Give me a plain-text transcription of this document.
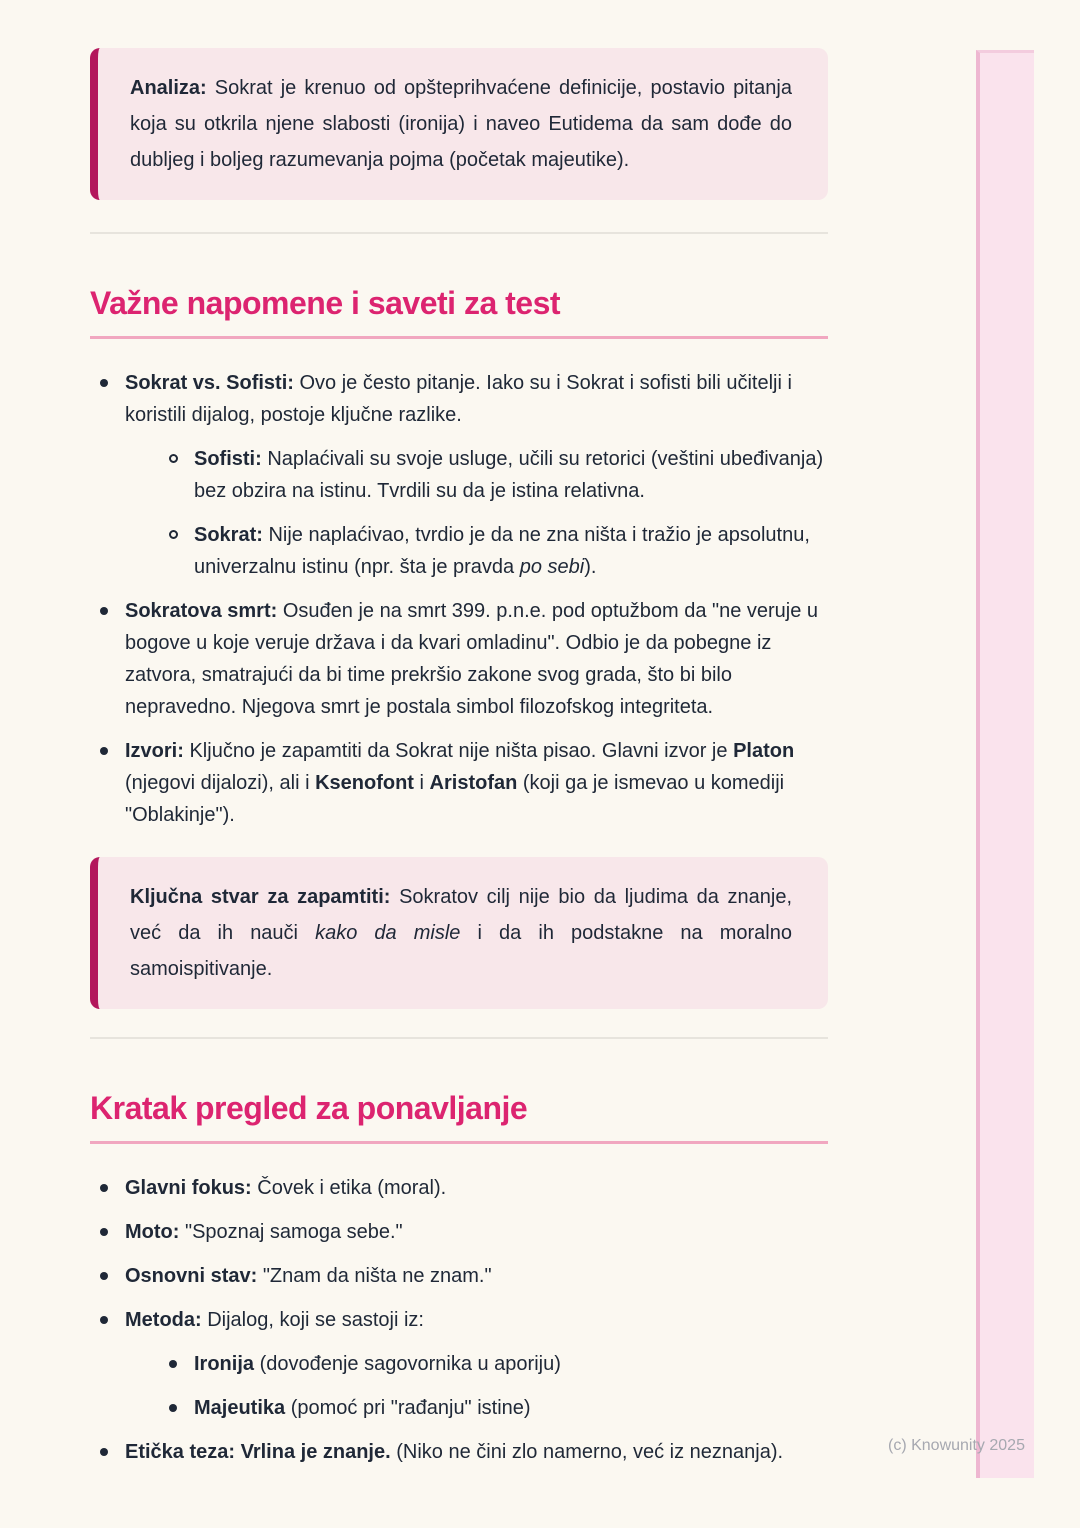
Analiza: Sokrat je krenuo od opšteprihvaćene definicije, postavio pitanja koja su otkrila njene slabosti (ironija) i naveo Eutidema da sam dođe do dubljeg i boljeg razumevanja pojma (početak majeutike).
Važne napomene i saveti za test
Sokrat vs. Sofisti: Ovo je često pitanje. Iako su i Sokrat i sofisti bili učitelji i koristili dijalog, postoje ključne razlike.
Sofisti: Naplaćivali su svoje usluge, učili su retorici (veštini ubeđivanja) bez obzira na istinu. Tvrdili su da je istina relativna.
Sokrat: Nije naplaćivao, tvrdio je da ne zna ništa i tražio je apsolutnu, univerzalnu istinu (npr. šta je pravda po sebi).
Sokratova smrt: Osuđen je na smrt 399. p.n.e. pod optužbom da "ne veruje u bogove u koje veruje država i da kvari omladinu". Odbio je da pobegne iz zatvora, smatrajući da bi time prekršio zakone svog grada, što bi bilo nepravedno. Njegova smrt je postala simbol filozofskog integriteta.
Izvori: Ključno je zapamtiti da Sokrat nije ništa pisao. Glavni izvor je Platon (njegovi dijalozi), ali i Ksenofont i Aristofan (koji ga je ismevao u komediji "Oblakinje").
Ključna stvar za zapamtiti: Sokratov cilj nije bio da ljudima da znanje, već da ih nauči kako da misle i da ih podstakne na moralno samoispitivanje.
Kratak pregled za ponavljanje
Glavni fokus: Čovek i etika (moral).
Moto: "Spoznaj samoga sebe."
Osnovni stav: "Znam da ništa ne znam."
Metoda: Dijalog, koji se sastoji iz:
Ironija (dovođenje sagovornika u aporiju)
Majeutika (pomoć pri "rađanju" istine)
Etička teza: Vrlina je znanje. (Niko ne čini zlo namerno, već iz neznanja).	(c) Knowunity 2025
